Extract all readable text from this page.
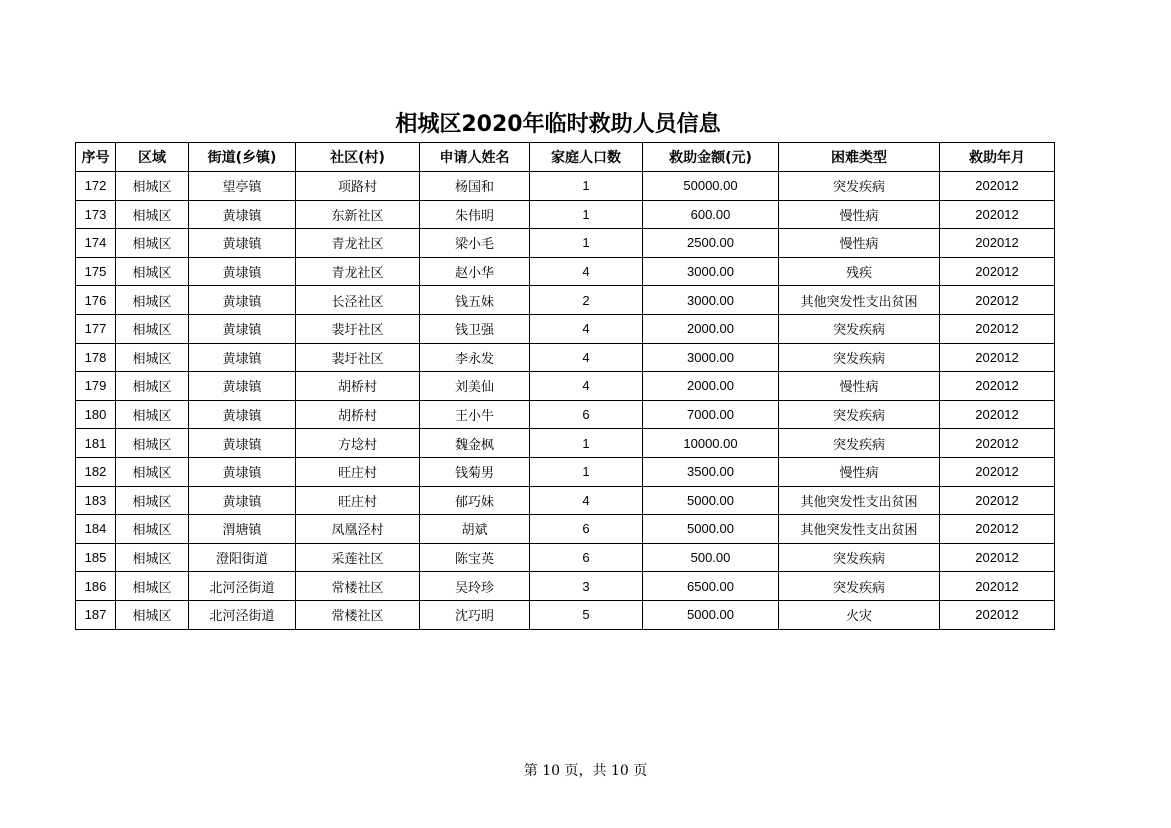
相城区2020年临时救助人员信息
序号	区域	街道(乡镇)	社区(村)	申请人姓名	家庭人口数	救助金额(元)	困难类型	救助年月
172	相城区	望亭镇	项路村	杨国和	1	50000.00	突发疾病	202012
173	相城区	黄埭镇	东新社区	朱伟明	1	600.00	慢性病	202012
174	相城区	黄埭镇	青龙社区	梁小毛	1	2500.00	慢性病	202012
175	相城区	黄埭镇	青龙社区	赵小华	4	3000.00	残疾	202012
176	相城区	黄埭镇	长泾社区	钱五妹	2	3000.00	其他突发性支出贫困	202012
177	相城区	黄埭镇	裴圩社区	钱卫强	4	2000.00	突发疾病	202012
178	相城区	黄埭镇	裴圩社区	李永发	4	3000.00	突发疾病	202012
179	相城区	黄埭镇	胡桥村	刘美仙	4	2000.00	慢性病	202012
180	相城区	黄埭镇	胡桥村	王小牛	6	7000.00	突发疾病	202012
181	相城区	黄埭镇	方埝村	魏金枫	1	10000.00	突发疾病	202012
182	相城区	黄埭镇	旺庄村	钱菊男	1	3500.00	慢性病	202012
183	相城区	黄埭镇	旺庄村	郁巧妹	4	5000.00	其他突发性支出贫困	202012
184	相城区	渭塘镇	凤凰泾村	胡斌	6	5000.00	其他突发性支出贫困	202012
185	相城区	澄阳街道	采莲社区	陈宝英	6	500.00	突发疾病	202012
186	相城区	北河泾街道	常楼社区	吴玲珍	3	6500.00	突发疾病	202012
187	相城区	北河泾街道	常楼社区	沈巧明	5	5000.00	火灾	202012
第 10 页，共 10 页
